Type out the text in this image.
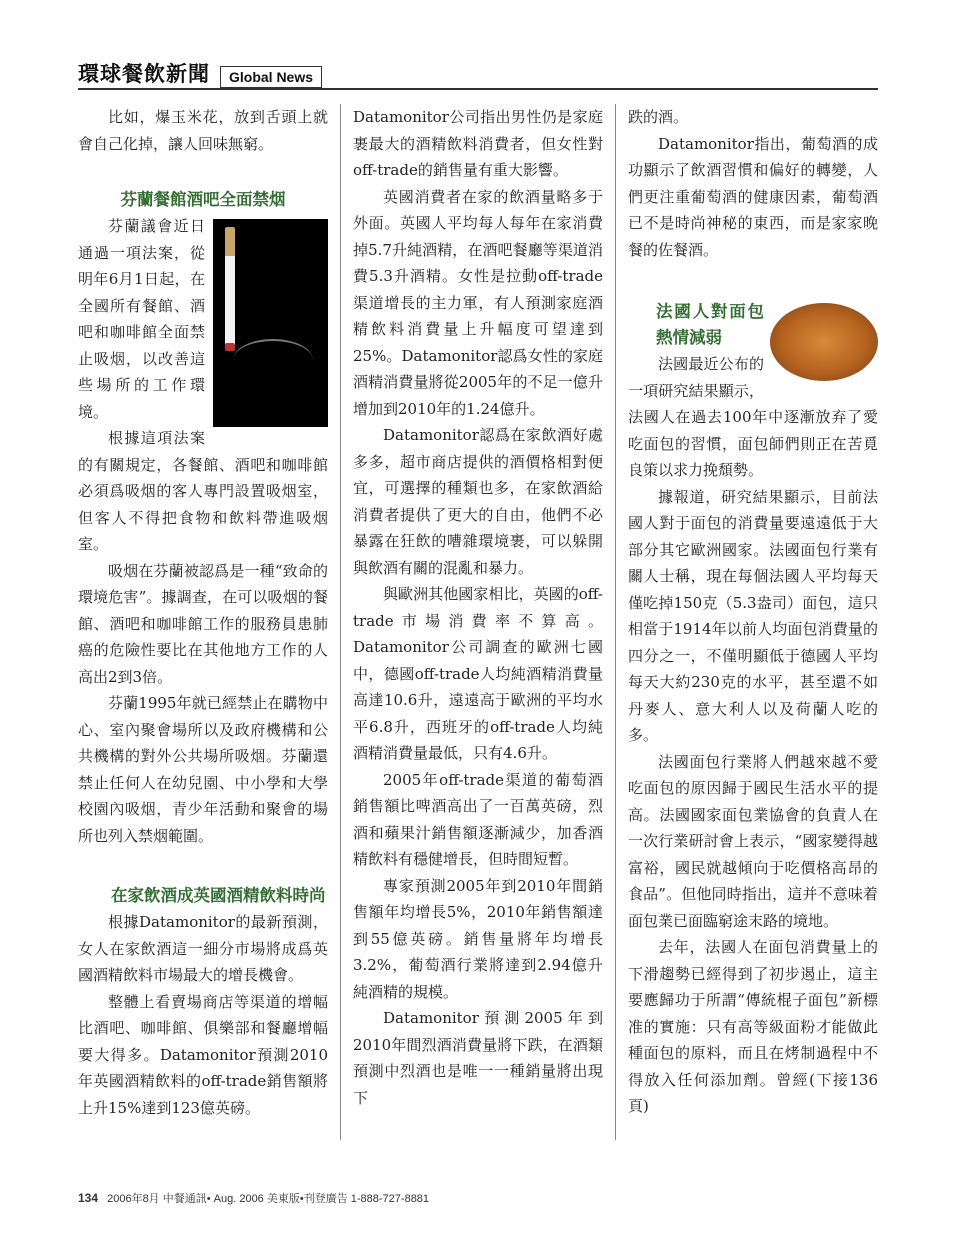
環球餐飲新聞	Global News

比如，爆玉米花，放到舌頭上就會自己化掉，讓人回味無窮。

芬蘭餐館酒吧全面禁烟

芬蘭議會近日通過一項法案，從明年6月1日起，在全國所有餐館、酒吧和咖啡館全面禁止吸烟，以改善這些場所的工作環境。

根據這項法案的有關規定，各餐館、酒吧和咖啡館必須爲吸烟的客人專門設置吸烟室，但客人不得把食物和飲料帶進吸烟室。

吸烟在芬蘭被認爲是一種“致命的環境危害”。據調查，在可以吸烟的餐館、酒吧和咖啡館工作的服務員患肺癌的危險性要比在其他地方工作的人高出2到3倍。

芬蘭1995年就已經禁止在購物中心、室內聚會場所以及政府機構和公共機構的對外公共場所吸烟。芬蘭還禁止任何人在幼兒園、中小學和大學校園內吸烟，青少年活動和聚會的場所也列入禁烟範圍。

在家飲酒成英國酒精飲料時尚

根據Datamonitor的最新預測，女人在家飲酒這一細分市場將成爲英國酒精飲料市場最大的增長機會。

整體上看賣場商店等渠道的增幅比酒吧、咖啡館、俱樂部和餐廳增幅要大得多。Datamonitor預測2010年英國酒精飲料的off-trade銷售額將上升15%達到123億英磅。

Datamonitor公司指出男性仍是家庭裹最大的酒精飲料消費者，但女性對off-trade的銷售量有重大影響。

英國消費者在家的飲酒量略多于外面。英國人平均每人每年在家消費掉5.7升純酒精，在酒吧餐廳等渠道消費5.3升酒精。女性是拉動off-trade渠道增長的主力軍，有人預測家庭酒精飲料消費量上升幅度可望達到25%。Datamonitor認爲女性的家庭酒精消費量將從2005年的不足一億升增加到2010年的1.24億升。

Datamonitor認爲在家飲酒好處多多，超市商店提供的酒價格相對便宜，可選擇的種類也多，在家飲酒給消費者提供了更大的自由，他們不必暴露在狂飲的嘈雜環境裹，可以躲開與飲酒有關的混亂和暴力。

與歐洲其他國家相比，英國的off-trade市場消費率不算高。Datamonitor公司調查的歐洲七國中，德國off-trade人均純酒精消費量高達10.6升，遠遠高于歐洲的平均水平6.8升，西班牙的off-trade人均純酒精消費量最低，只有4.6升。

2005年off-trade渠道的葡萄酒銷售額比啤酒高出了一百萬英磅，烈酒和蘋果汁銷售額逐漸減少，加香酒精飲料有穩健增長，但時間短暫。

專家預測2005年到2010年間銷售額年均增長5%，2010年銷售額達到55億英磅。銷售量將年均增長3.2%，葡萄酒行業將達到2.94億升純酒精的規模。

Datamonitor預測2005年到2010年間烈酒消費量將下跌，在酒類預測中烈酒也是唯一一種銷量將出現下

跌的酒。

Datamonitor指出，葡萄酒的成功顯示了飲酒習慣和偏好的轉變，人們更注重葡萄酒的健康因素，葡萄酒已不是時尚神秘的東西，而是家家晚餐的佐餐酒。

法國人對面包熱情減弱

法國最近公布的一項研究結果顯示，法國人在過去100年中逐漸放弃了愛吃面包的習慣，面包師們則正在苦覓良策以求力挽頹勢。

據報道，研究結果顯示，目前法國人對于面包的消費量要遠遠低于大部分其它歐洲國家。法國面包行業有關人士稱，現在每個法國人平均每天僅吃掉150克（5.3盎司）面包，這只相當于1914年以前人均面包消費量的四分之一，不僅明顯低于德國人平均每天大約230克的水平，甚至還不如丹麥人、意大利人以及荷蘭人吃的多。

法國面包行業將人們越來越不愛吃面包的原因歸于國民生活水平的提高。法國國家面包業協會的負責人在一次行業研討會上表示，“國家變得越富裕，國民就越傾向于吃價格高昂的食品”。但他同時指出，這并不意味着面包業已面臨窮途末路的境地。

去年，法國人在面包消費量上的下滑趨勢已經得到了初步遏止，這主要應歸功于所謂“傳統棍子面包”新標准的實施：只有高等級面粉才能做此種面包的原料，而且在烤制過程中不得放入任何添加劑。曾經(下接136頁)

134 2006年8月 中餐通訊• Aug. 2006 美東版•刊登廣告 1-888-727-8881
